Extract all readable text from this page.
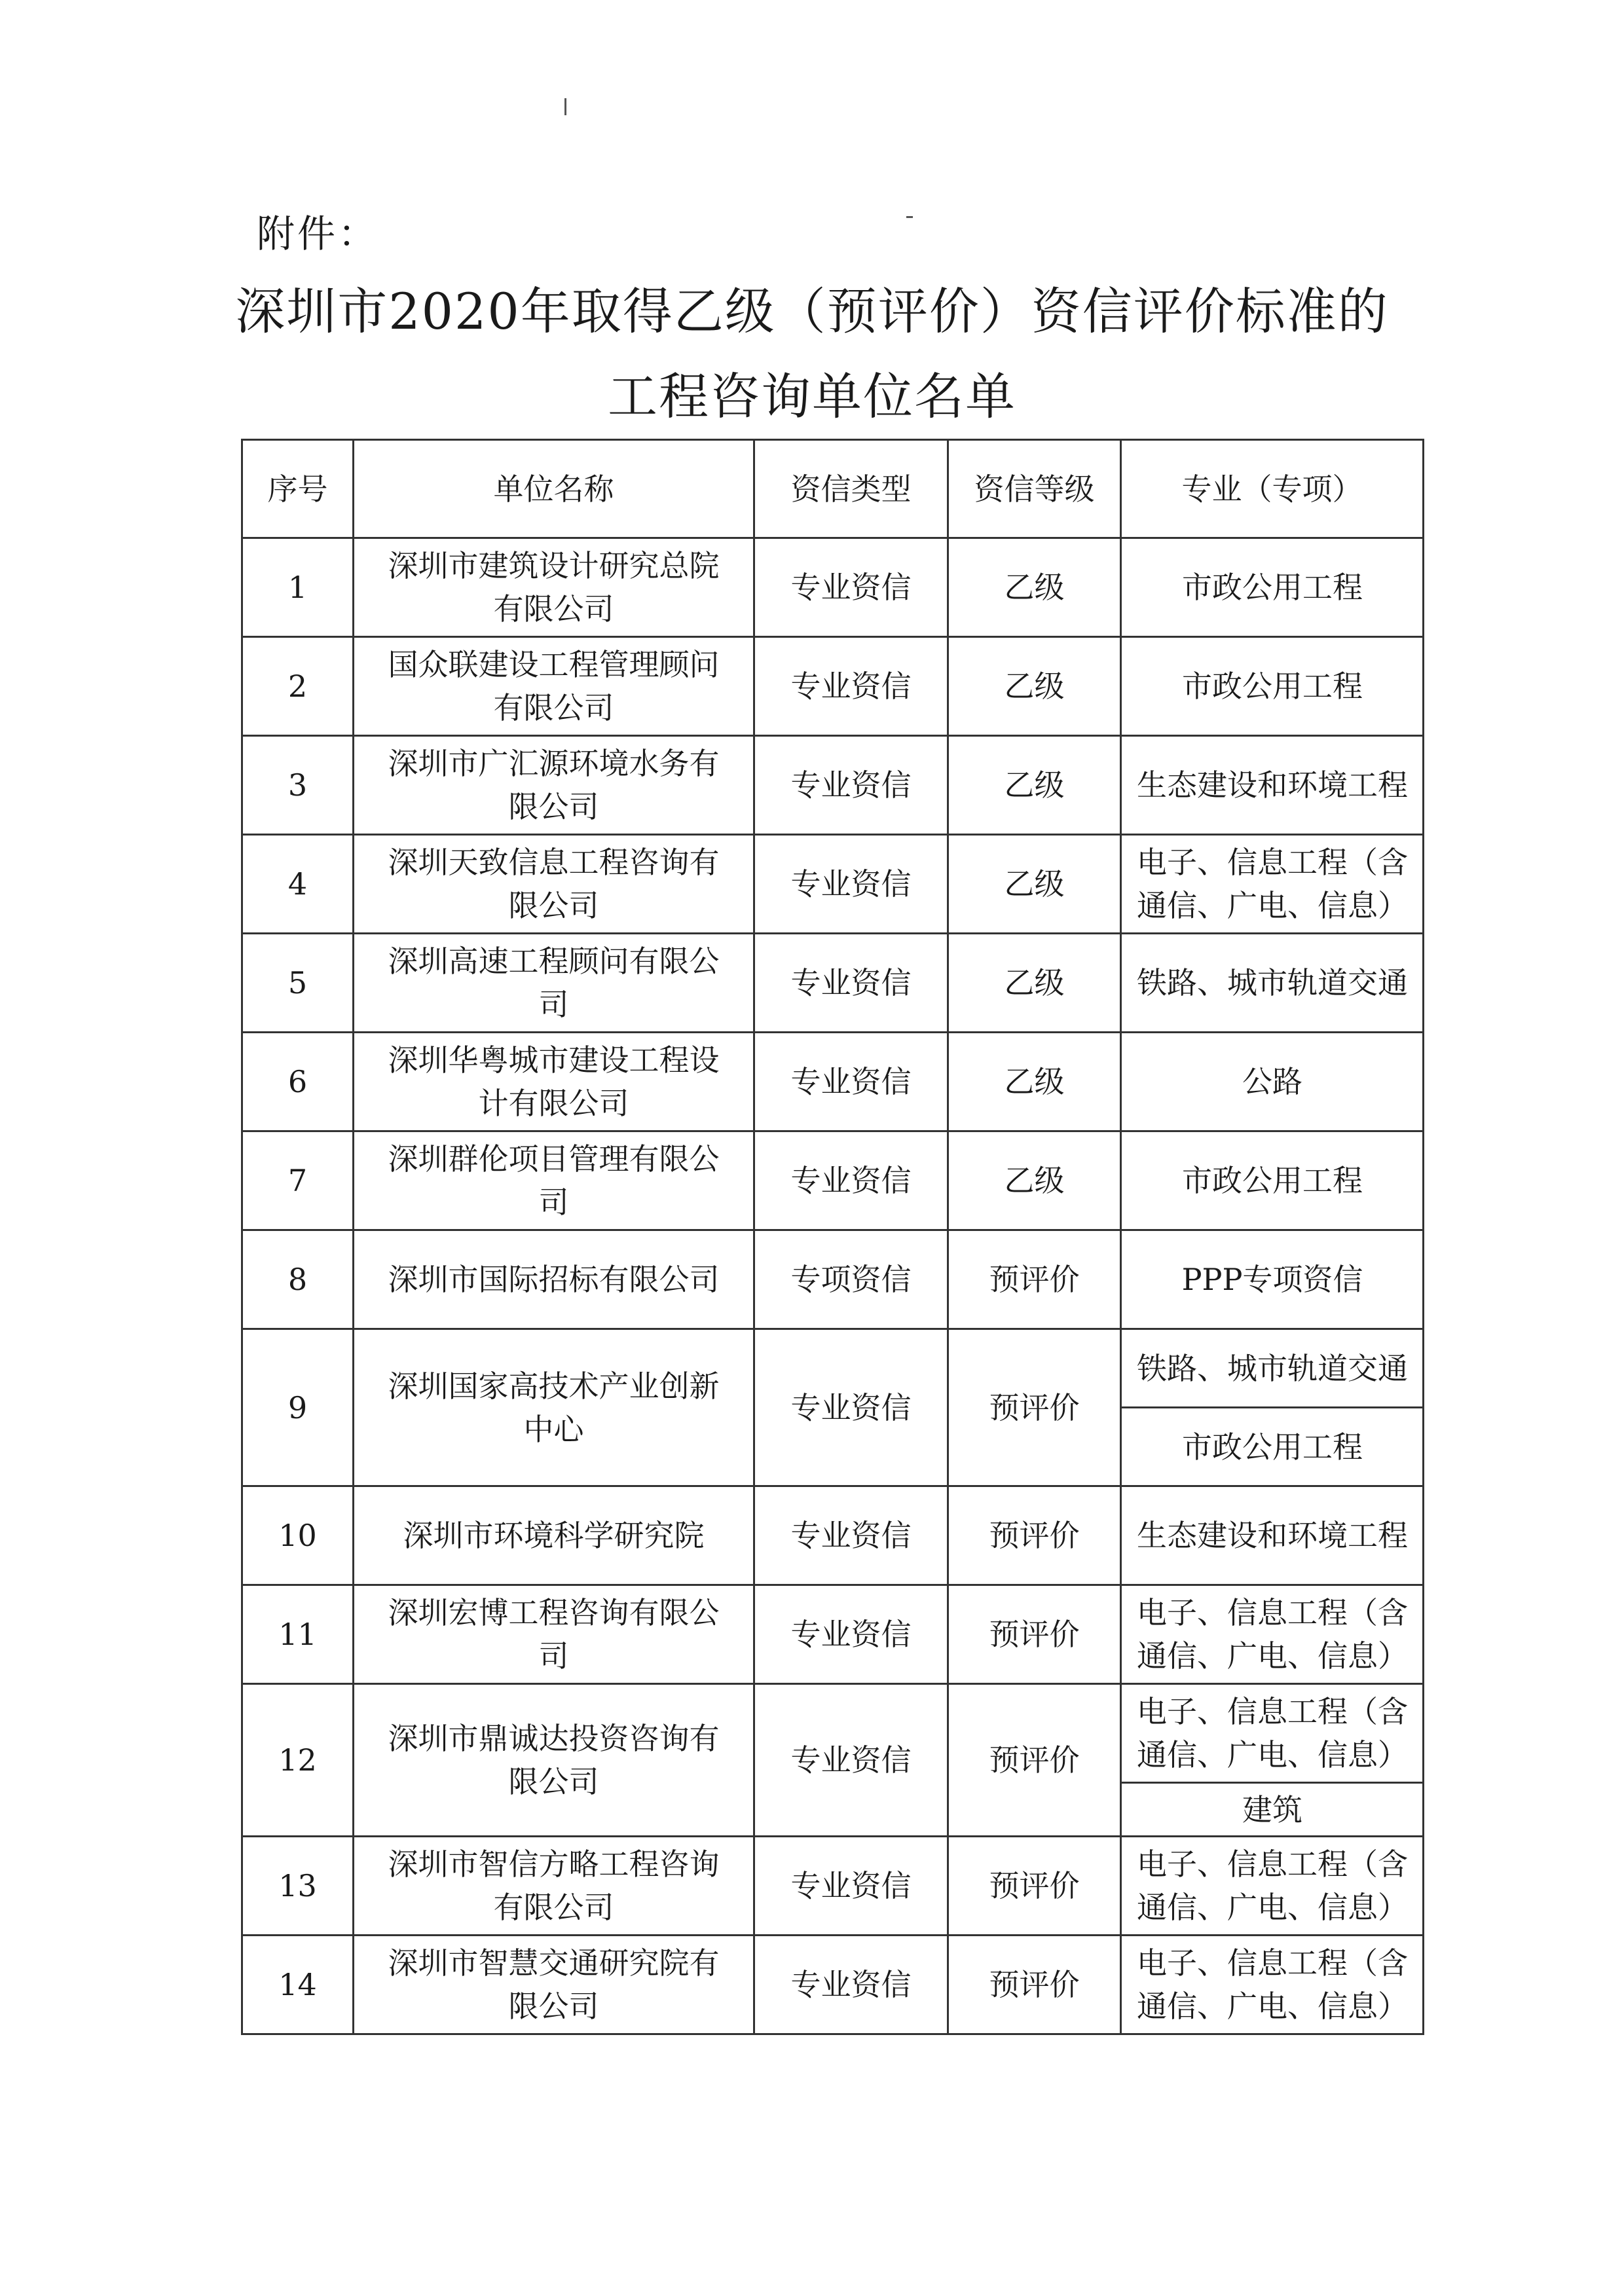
附件：
深圳市2020年取得乙级（预评价）资信评价标准的
工程咨询单位名单
序号	单位名称	资信类型	资信等级	专业（专项）
1	深圳市建筑设计研究总院有限公司	专业资信	乙级	市政公用工程

2	国众联建设工程管理顾问有限公司	专业资信	乙级	市政公用工程

3	深圳市广汇源环境水务有限公司	专业资信	乙级	生态建设和环境工程

4	深圳天致信息工程咨询有限公司	专业资信	乙级	电子、信息工程（含通信、广电、信息）

5	深圳高速工程顾问有限公司	专业资信	乙级	铁路、城市轨道交通

6	深圳华粤城市建设工程设计有限公司	专业资信	乙级	公路

7	深圳群伦项目管理有限公司	专业资信	乙级	市政公用工程

8	深圳市国际招标有限公司	专项资信	预评价	PPP专项资信

9	深圳国家高技术产业创新中心	专业资信	预评价	铁路、城市轨道交通

				市政公用工程

10	深圳市环境科学研究院	专业资信	预评价	生态建设和环境工程

11	深圳宏博工程咨询有限公司	专业资信	预评价	电子、信息工程（含通信、广电、信息）

12	深圳市鼎诚达投资咨询有限公司	专业资信	预评价	电子、信息工程（含通信、广电、信息）

				建筑

13	深圳市智信方略工程咨询有限公司	专业资信	预评价	电子、信息工程（含通信、广电、信息）

14	深圳市智慧交通研究院有限公司	专业资信	预评价	电子、信息工程（含通信、广电、信息）
